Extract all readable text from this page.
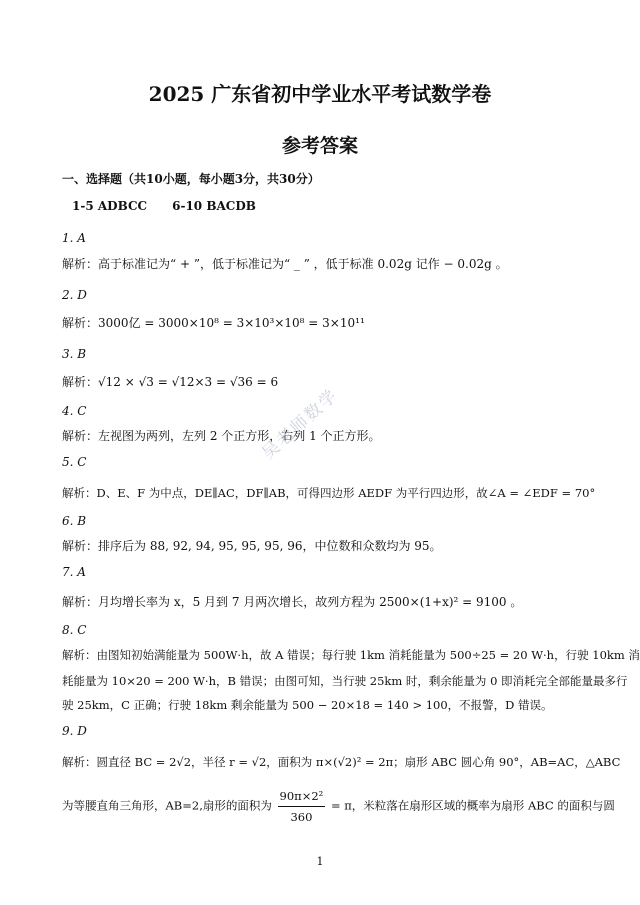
2025 广东省初中学业水平考试数学卷
参考答案
一、选择题（共10小题，每小题3分，共30分）
1-5 ADBCC      6-10 BACDB
1. A
解析：高于标准记为“ + ”，低于标准记为“ _ ” ，低于标准 0.02g 记作 − 0.02g 。
2. D
解析：3000亿 = 3000×10⁸ = 3×10³×10⁸ = 3×10¹¹
3. B
解析：√12 × √3 = √12×3 = √36 = 6
4. C
解析：左视图为两列，左列 2 个正方形，右列 1 个正方形。
5. C
解析：D、E、F 为中点，DE∥AC，DF∥AB，可得四边形 AEDF 为平行四边形，故∠A = ∠EDF = 70°
6. B
解析：排序后为 88, 92, 94, 95, 95, 95, 96，中位数和众数均为 95。
7. A
解析：月均增长率为 x，5 月到 7 月两次增长，故列方程为 2500×(1+x)² = 9100 。
8. C
解析：由图知初始满能量为 500W·h，故 A 错误；每行驶 1km 消耗能量为 500÷25 = 20 W·h，行驶 10km 消
耗能量为 10×20 = 200 W·h，B 错误；由图可知，当行驶 25km 时，剩余能量为 0 即消耗完全部能量最多行
驶 25km，C 正确；行驶 18km 剩余能量为 500 − 20×18 = 140 > 100，不报警，D 错误。
9. D
解析：圆直径 BC = 2√2，半径 r = √2，面积为 π×(√2)² = 2π；扇形 ABC 圆心角 90°，AB=AC，△ABC
为等腰直角三角形，AB=2,扇形的面积为 $\frac{\text{90π×2²}}{360} = \pi$，米粒落在扇形区域的概率为扇形 ABC 的面积与圆
吴老师数学
1
